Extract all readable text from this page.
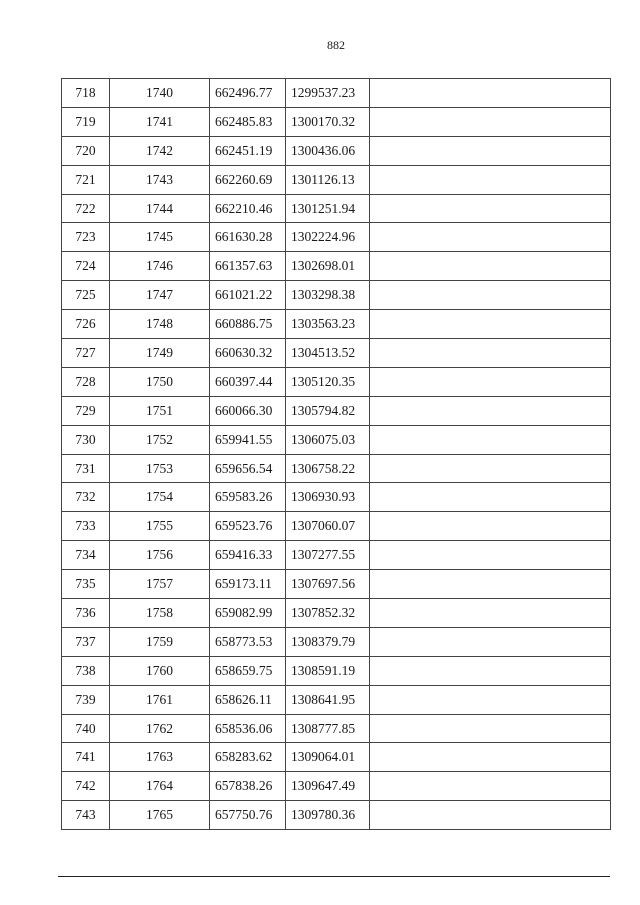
882
718	1740	662496.77	1299537.23	
719	1741	662485.83	1300170.32	
720	1742	662451.19	1300436.06	
721	1743	662260.69	1301126.13	
722	1744	662210.46	1301251.94	
723	1745	661630.28	1302224.96	
724	1746	661357.63	1302698.01	
725	1747	661021.22	1303298.38	
726	1748	660886.75	1303563.23	
727	1749	660630.32	1304513.52	
728	1750	660397.44	1305120.35	
729	1751	660066.30	1305794.82	
730	1752	659941.55	1306075.03	
731	1753	659656.54	1306758.22	
732	1754	659583.26	1306930.93	
733	1755	659523.76	1307060.07	
734	1756	659416.33	1307277.55	
735	1757	659173.11	1307697.56	
736	1758	659082.99	1307852.32	
737	1759	658773.53	1308379.79	
738	1760	658659.75	1308591.19	
739	1761	658626.11	1308641.95	
740	1762	658536.06	1308777.85	
741	1763	658283.62	1309064.01	
742	1764	657838.26	1309647.49	
743	1765	657750.76	1309780.36	
